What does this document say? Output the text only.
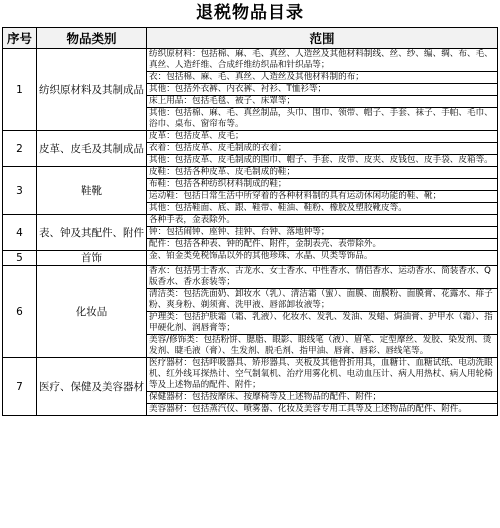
退税物品目录
序号	物品类别	范围
1	纺织原材料及其制成品	纺织原材料：包括棉、麻、毛、真丝、人造丝及其他材料制线、丝、纱、编、绸、布、毛、真丝、人造纤维、合成纤维纺织品和针织品等；
		衣：包括棉、麻、毛、真丝、人造丝及其他材料制的布；
		其他：包括外衣裤、内衣裤、衬衫、T恤衫等；
		床上用品：包括毛毯、被子、床罩等；
		其他：包括棉、麻、毛、真丝制品，头巾、围巾、领带、帽子、手套、袜子、手帕、毛巾、浴巾、桌布、窗帘布等。
2	皮革、皮毛及其制成品	皮革：包括皮革、皮毛；
		衣着：包括皮革、皮毛制成的衣着；
		其他：包括皮革、皮毛制成的围巾、帽子、手套、皮带、皮夹、皮钱包、皮手袋、皮箱等。
3	鞋靴	皮鞋：包括各种皮革、皮毛制成的鞋；
		布鞋：包括各种纺织材料制成的鞋；
		运动鞋：包括日常生活中所穿着的各种材料制的具有运动休闲功能的鞋、靴；
		其他：包括鞋面、底、跟、鞋带、鞋油、鞋粉、橡胶及塑胶靴皮等。
4	表、钟及其配件、附件	各种手表，金表除外。
		钟：包括闹钟、座钟、挂钟、台钟、落地钟等；
		配件：包括各种表、钟的配件、附件，金制表壳、表带除外。
5	首饰	金、铂金类免税饰品以外的其他珍珠、水晶、贝类等饰品。
6	化妆品	香水：包括男士香水、古龙水、女士香水、中性香水、情侣香水、运动香水、简装香水、Q版香水、香水套装等；
		清洁类：包括洗面奶、卸妆水（乳）、清洁霜（蜜）、面膜、面膜粉、面膜膏、花露水、痱子粉、爽身粉、剃须膏、洗甲液、唇部卸妆液等；
		护理类：包括护肤霜（霜、乳液）、化妆水、发乳、发油、发蜡、焗油膏、护甲水（霜）、指甲硬化剂、润唇膏等；
		美容/修饰类：包括粉饼、腮脂、眼影、眼线笔（液）、眉笔、定型摩丝、发胶、染发剂、烫发剂、睫毛液（膏）、生发剂、脱毛剂、指甲油、唇膏、唇彩、唇线笔等。
7	医疗、保健及美容器材	医疗器材：包括呼吸器具、矫形器具、夹板及其他骨折用具，血糖计、血糖试纸、电动洗眼机、红外线耳探热计、空气制氧机、治疗用雾化机、电动血压计、病人用热杖、病人用轮椅等及上述物品的配件、附件；
		保健器材：包括按摩床、按摩椅等及上述物品的配件、附件；
		美容器材：包括蒸汽仪、喷雾器、化妆及美容专用工具等及上述物品的配件、附件。
